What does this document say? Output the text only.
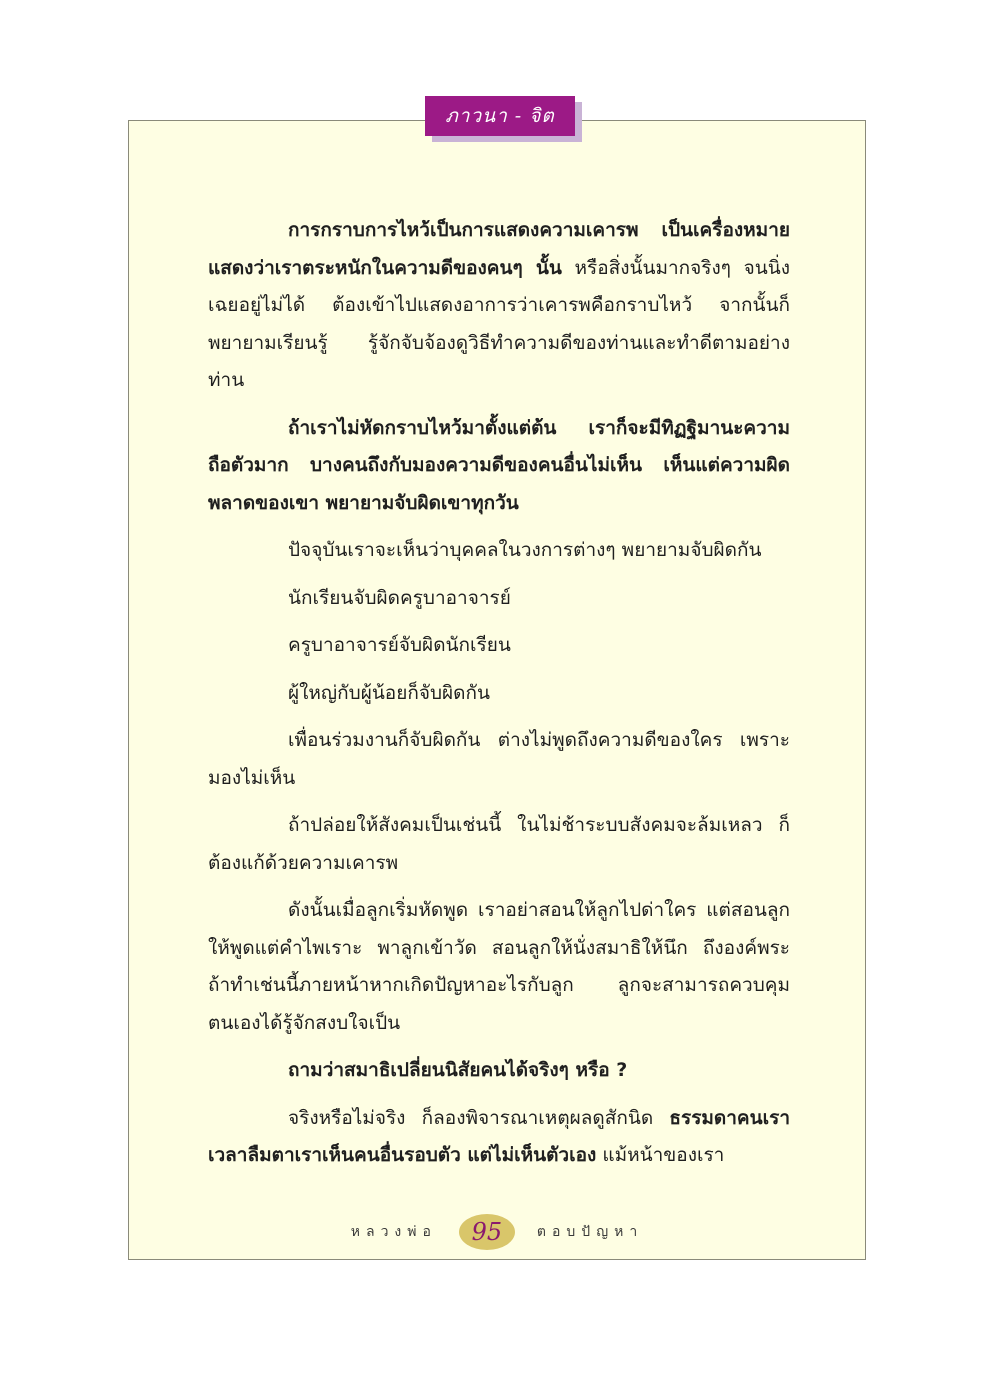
ภาวนา - จิต

การกราบการไหว้เป็นการแสดงความเคารพ เป็นเครื่องหมายแสดงว่าเราตระหนักในความดีของคนๆ นั้น หรือสิ่งนั้นมากจริงๆ จนนิ่งเฉยอยู่ไม่ได้ ต้องเข้าไปแสดงอาการว่าเคารพคือกราบไหว้ จากนั้นก็พยายามเรียนรู้ รู้จักจับจ้องดูวิธีทำความดีของท่านและทำดีตามอย่างท่าน

ถ้าเราไม่หัดกราบไหว้มาตั้งแต่ต้น เราก็จะมีทิฏฐิมานะความถือตัวมาก บางคนถึงกับมองความดีของคนอื่นไม่เห็น เห็นแต่ความผิดพลาดของเขา พยายามจับผิดเขาทุกวัน

ปัจจุบันเราจะเห็นว่าบุคคลในวงการต่างๆ พยายามจับผิดกัน

นักเรียนจับผิดครูบาอาจารย์

ครูบาอาจารย์จับผิดนักเรียน

ผู้ใหญ่กับผู้น้อยก็จับผิดกัน

เพื่อนร่วมงานก็จับผิดกัน ต่างไม่พูดถึงความดีของใคร เพราะมองไม่เห็น

ถ้าปล่อยให้สังคมเป็นเช่นนี้ ในไม่ช้าระบบสังคมจะล้มเหลว ก็ต้องแก้ด้วยความเคารพ

ดังนั้นเมื่อลูกเริ่มหัดพูด เราอย่าสอนให้ลูกไปด่าใคร แต่สอนลูกให้พูดแต่คำไพเราะ พาลูกเข้าวัด สอนลูกให้นั่งสมาธิให้นึก ถึงองค์พระ ถ้าทำเช่นนี้ภายหน้าหากเกิดปัญหาอะไรกับลูก ลูกจะสามารถควบคุมตนเองได้รู้จักสงบใจเป็น

ถามว่าสมาธิเปลี่ยนนิสัยคนได้จริงๆ หรือ ?

จริงหรือไม่จริง ก็ลองพิจารณาเหตุผลดูสักนิด ธรรมดาคนเราเวลาลืมตาเราเห็นคนอื่นรอบตัว แต่ไม่เห็นตัวเอง แม้หน้าของเรา

หลวงพ่อ	95	ตอบปัญหา
